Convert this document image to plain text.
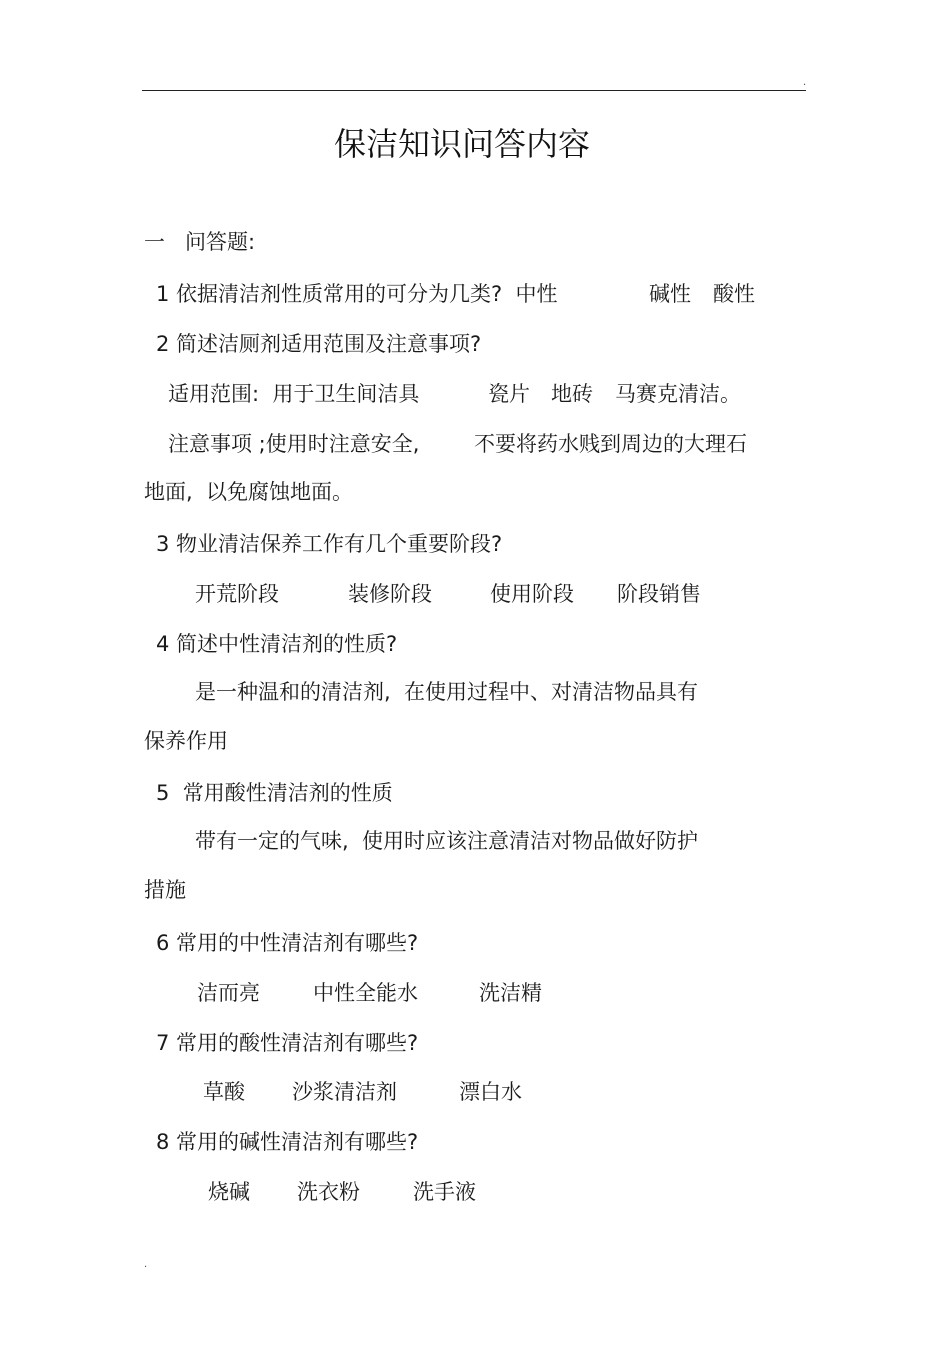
.
保洁知识问答内容
一   问答题:

1 依据清洁剂性质常用的可分为几类?  中性

	碱性

酸性

2 简述洁厕剂适用范围及注意事项?

适用范围:  用于卫生间洁具

	瓷片

地砖

马赛克清洁。

注意事项 ;使用时注意安全,

	不要将药水贱到周边的大理石

地面,  以免腐蚀地面。
3 物业清洁保养工作有几个重要阶段?

开荒阶段

	装修阶段

	使用阶段

阶段销售

4 简述中性清洁剂的性质?
是一种温和的清洁剂,  在使用过程中、对清洁物品具有
保养作用
5  常用酸性清洁剂的性质
带有一定的气味,  使用时应该注意清洁对物品做好防护
措施
6 常用的中性清洁剂有哪些?

洁而亮

	中性全能水

	洗洁精

7 常用的酸性清洁剂有哪些?

草酸

沙浆清洁剂

	漂白水

8 常用的碱性清洁剂有哪些?

烧碱

洗衣粉

	洗手液

.
